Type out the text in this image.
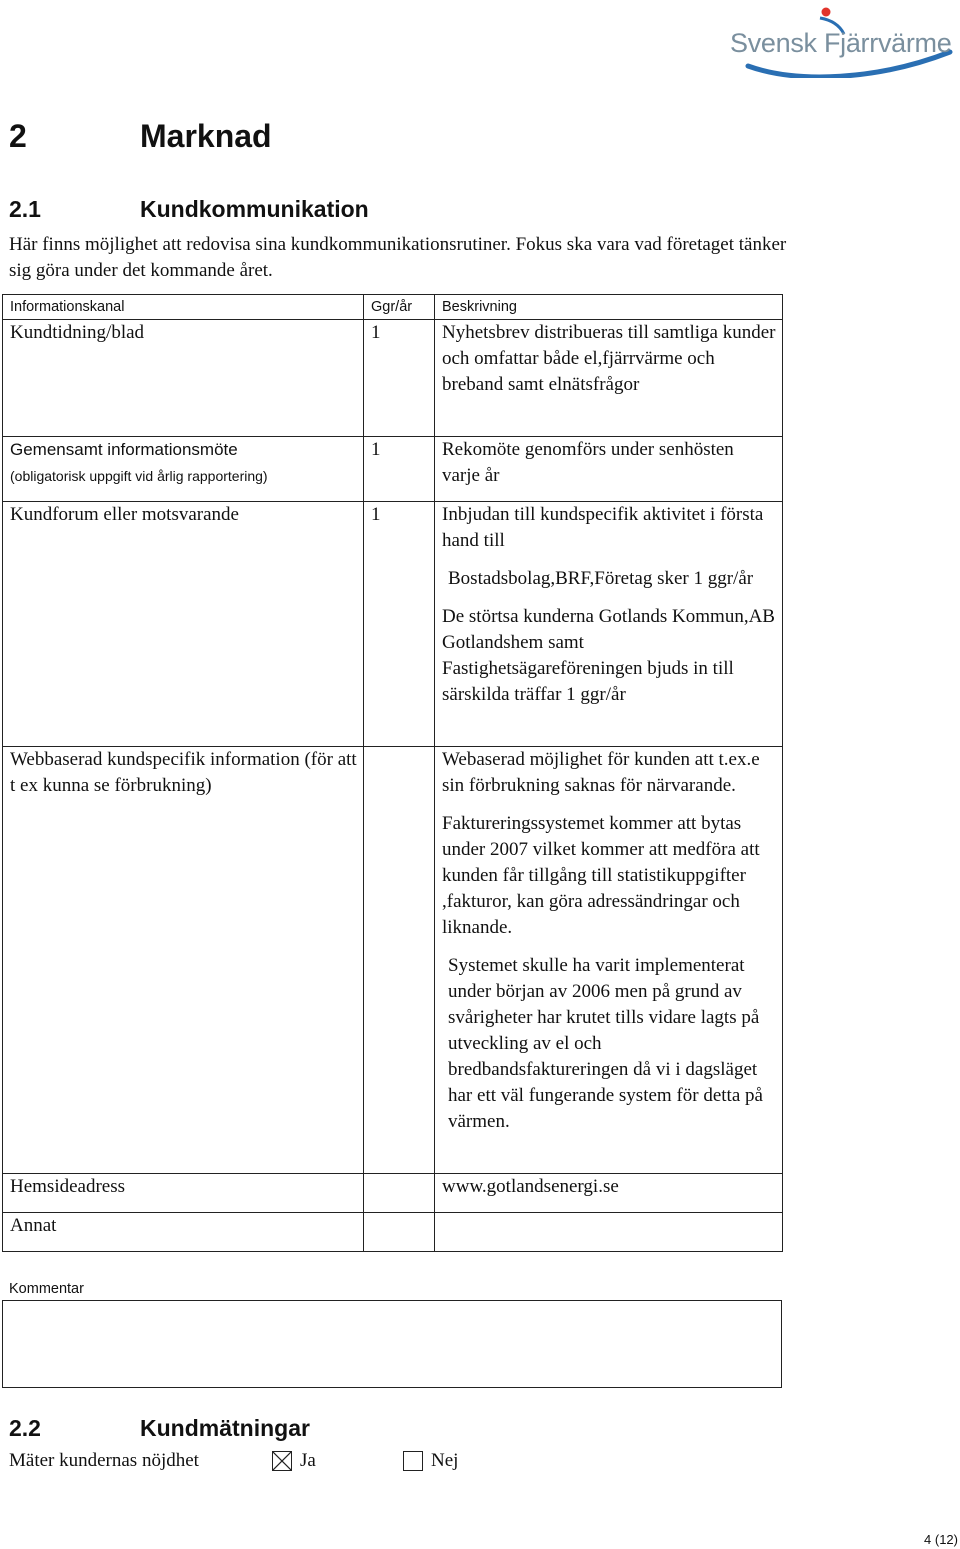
Svensk Fjärrvärme
2	Marknad
2.1	Kundkommunikation
Här finns möjlighet att redovisa sina kundkommunikationsrutiner. Fokus ska vara vad företaget tänker sig göra under det kommande året.
Informationskanal	Ggr/år	Beskrivning

Kundtidning/blad	1	Nyhetsbrev distribueras till samtliga kunder och omfattar både el,fjärrvärme och breband samt elnätsfrågor

Gemensamt informationsmöte
(obligatorisk uppgift vid årlig rapportering)	1	Rekomöte genomförs under senhösten varje år

Kundforum eller motsvarande	1	Inbjudan till kundspecifik aktivitet i första hand till
Bostadsbolag,BRF,Företag sker 1 ggr/år
De störtsa kunderna Gotlands Kommun,AB Gotlandshem samt Fastighetsägareföreningen bjuds in till särskilda träffar 1 ggr/år

Webbaserad kundspecifik information (för att t ex kunna se förbrukning)		Webaserad möjlighet för kunden att t.ex.e sin förbrukning saknas för närvarande.
Faktureringssystemet kommer att bytas under 2007 vilket kommer att medföra att kunden får tillgång till statistikuppgifter ,fakturor, kan göra adressändringar och liknande.
Systemet skulle ha varit implementerat under början av 2006 men på grund av svårigheter har krutet tills vidare lagts på utveckling av el och bredbandsfaktureringen då vi i dagsläget har ett väl fungerande system för detta på värmen.

Hemsideadress		www.gotlandsenergi.se

Annat		

Kommentar
2.2	Kundmätningar
Mäter kundernas nöjdhet	Ja	Nej
4 (12)
